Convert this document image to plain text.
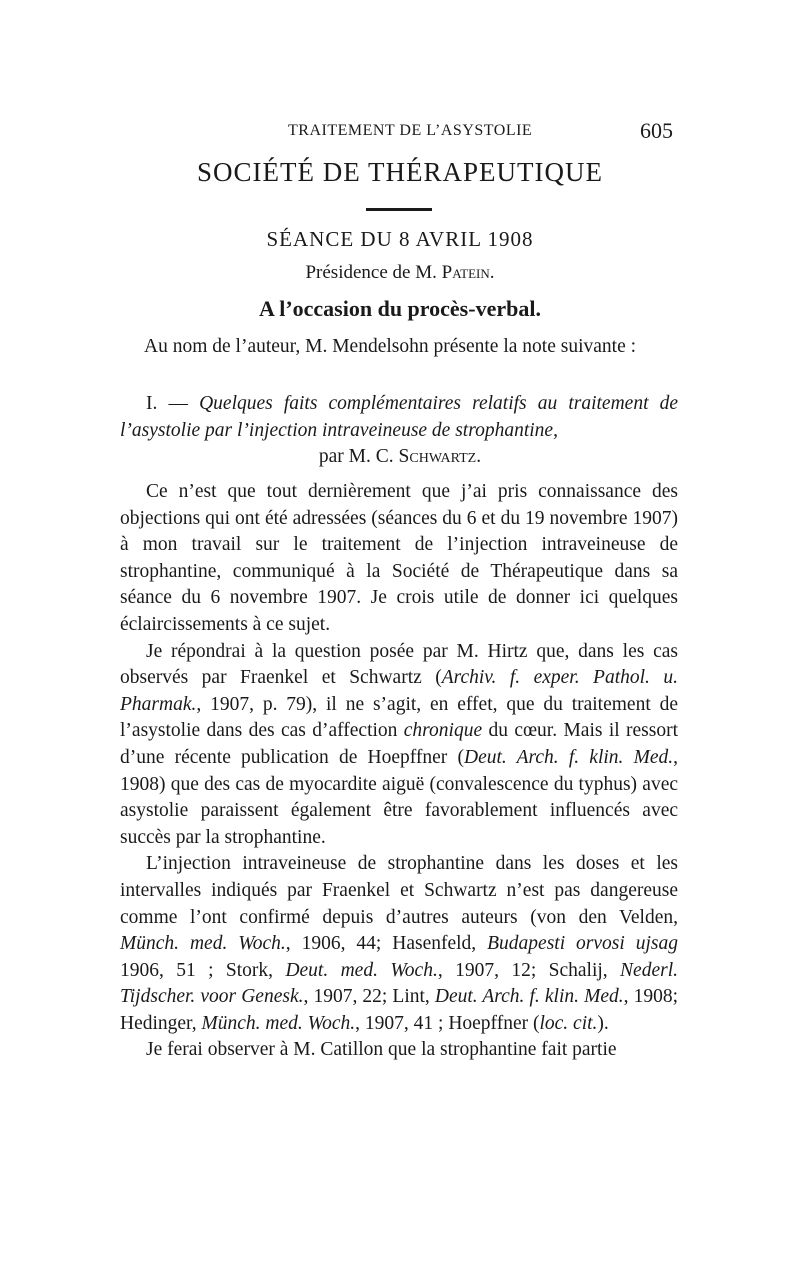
TRAITEMENT DE L’ASYSTOLIE	605
SOCIÉTÉ DE THÉRAPEUTIQUE
SÉANCE DU 8 AVRIL 1908
Présidence de M. Patein.
A l’occasion du procès-verbal.
Au nom de l’auteur, M. Mendelsohn présente la note suivante :
I. — Quelques faits complémentaires relatifs au traitement de l’asystolie par l’injection intraveineuse de strophantine,
par M. C. Schwartz.

Ce n’est que tout dernièrement que j’ai pris connaissance des objections qui ont été adressées (séances du 6 et du 19 novembre 1907) à mon travail sur le traitement de l’injection intraveineuse de strophantine, communiqué à la Société de Thérapeutique dans sa séance du 6 novembre 1907. Je crois utile de donner ici quelques éclaircissements à ce sujet.

Je répondrai à la question posée par M. Hirtz que, dans les cas observés par Fraenkel et Schwartz (Archiv. f. exper. Pathol. u. Pharmak., 1907, p. 79), il ne s’agit, en effet, que du traitement de l’asystolie dans des cas d’affection chronique du cœur. Mais il ressort d’une récente publication de Hoepffner (Deut. Arch. f. klin. Med., 1908) que des cas de myocardite aiguë (convalescence du typhus) avec asystolie paraissent également être favorablement influencés avec succès par la strophantine.

L’injection intraveineuse de strophantine dans les doses et les intervalles indiqués par Fraenkel et Schwartz n’est pas dangereuse comme l’ont confirmé depuis d’autres auteurs (von den Velden, Münch. med. Woch., 1906, 44; Hasenfeld, Budapesti orvosi ujsag 1906, 51 ; Stork, Deut. med. Woch., 1907, 12; Schalij, Nederl. Tijdscher. voor Genesk., 1907, 22; Lint, Deut. Arch. f. klin. Med., 1908; Hedinger, Münch. med. Woch., 1907, 41 ; Hoepffner (loc. cit.).

Je ferai observer à M. Catillon que la strophantine fait partie
